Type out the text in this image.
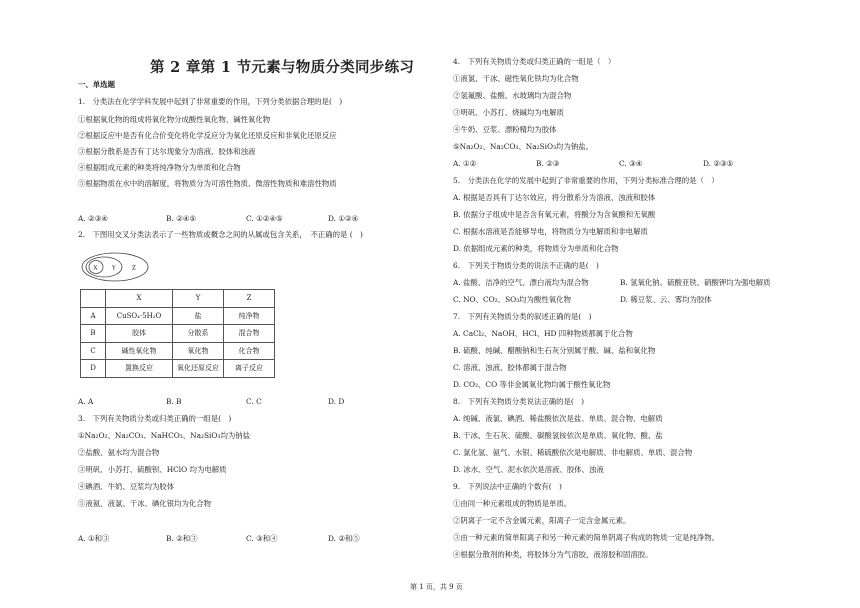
第 2 章第 1 节元素与物质分类同步练习
一、单选题
1.　分类法在化学学科发展中起到了非常重要的作用，下列分类依据合理的是(　)
①根据氧化物的组成将氧化物分成酸性氧化物、碱性氧化物
②根据反应中是否有化合价变化将化学反应分为氧化还原反应和非氧化还原反应
③根据分散系是否有丁达尔现象分为溶液、胶体和浊液
④根据组成元素的种类将纯净物分为单质和化合物
⑤根据物质在水中的溶解度，将物质分为可溶性物质、微溶性物质和难溶性物质
A. ②③④	B. ②④⑤	C. ①②④⑤	D. ①②④
2.　下图用交叉分类法表示了一些物质或概念之间的从属或包含关系，　不正确的是 (　)
X	Y	Z
	X	Y	Z
A	CuSO₄·5H₂O	盐	纯净物
B	胶体	分散系	混合物
C	碱性氧化物	氧化物	化合物
D	置换反应	氧化还原反应	离子反应
A. A	B. B	C. C	D. D
3.　下列有关物质分类或归类正确的一组是(　)
①Na₂O₂、Na₂CO₃、NaHCO₃、Na₂SiO₃均为钠盐
②盐酸、氨水均为混合物
③明矾、小苏打、硫酸钡、HClO 均为电解质
④碘酒、牛奶、豆浆均为胶体
⑤液氨、液氯、干冰、碘化银均为化合物
A. ①和③	B. ②和③	C. ③和④	D. ②和⑤
4.　下列有关物质分类或归类正确的一组是（　）
①液氯、干冰、磁性氧化铁均为化合物
②氢氟酸、盐酸、水玻璃均为混合物
③明矾、小苏打、烧碱均为电解质
④牛奶、豆浆、漂粉精均为胶体
⑤Na₂O₂、Na₂CO₃、Na₂SiO₃均为钠盐。
A. ①②	B. ②③	C. ③④	D. ②③⑤
5.　分类法在化学的发展中起到了非常重要的作用，下列分类标准合理的是（　）
A. 根据是否具有丁达尔效应，将分散系分为溶液、浊液和胶体
B. 依据分子组成中是否含有氧元素，将酸分为含氧酸和无氧酸
C. 根据水溶液是否能够导电，将物质分为电解质和非电解质
D. 依据组成元素的种类，将物质分为单质和化合物
6.　下列关于物质分类的说法不正确的是(　)
A. 盐酸、洁净的空气、漂白液均为混合物	B. 氢氧化钠、硫酸亚铁、硝酸钾均为强电解质
C. NO、CO₂、SO₃均为酸性氧化物	D. 稀豆浆、云、雾均为胶体
7.　下列有关物质分类的叙述正确的是(　)
A. CaCl₂、NaOH、HCl、HD 四种物质都属于化合物
B. 硫酸、纯碱、醋酸钠和生石灰分别属于酸、碱、盐和氧化物
C. 溶液、浊液、胶体都属于混合物
D. CO₂、CO 等非金属氧化物均属于酸性氧化物
8.　下列有关物质分类说法正确的是(　)
A. 纯碱、液氯、碘酒、稀盐酸依次是盐、单质、混合物、电解质
B. 干冰、生石灰、硫酸、碳酸氢铵依次是单质、氧化物、酸、盐
C. 氯化氢、氨气、水银、稀硫酸依次是电解质、非电解质、单质、混合物
D. 冰水、空气、泥水依次是溶液、胶体、浊液
9.　下列说法中正确的个数有(　)
①由同一种元素组成的物质是单质。
②阴离子一定不含金属元素，阳离子一定含金属元素。
③由一种元素的简单阳离子和另一种元素的简单阴离子构成的物质一定是纯净物。
④根据分散剂的种类，将胶体分为气溶胶，液溶胶和固溶胶。
第 1 页，共 9 页
